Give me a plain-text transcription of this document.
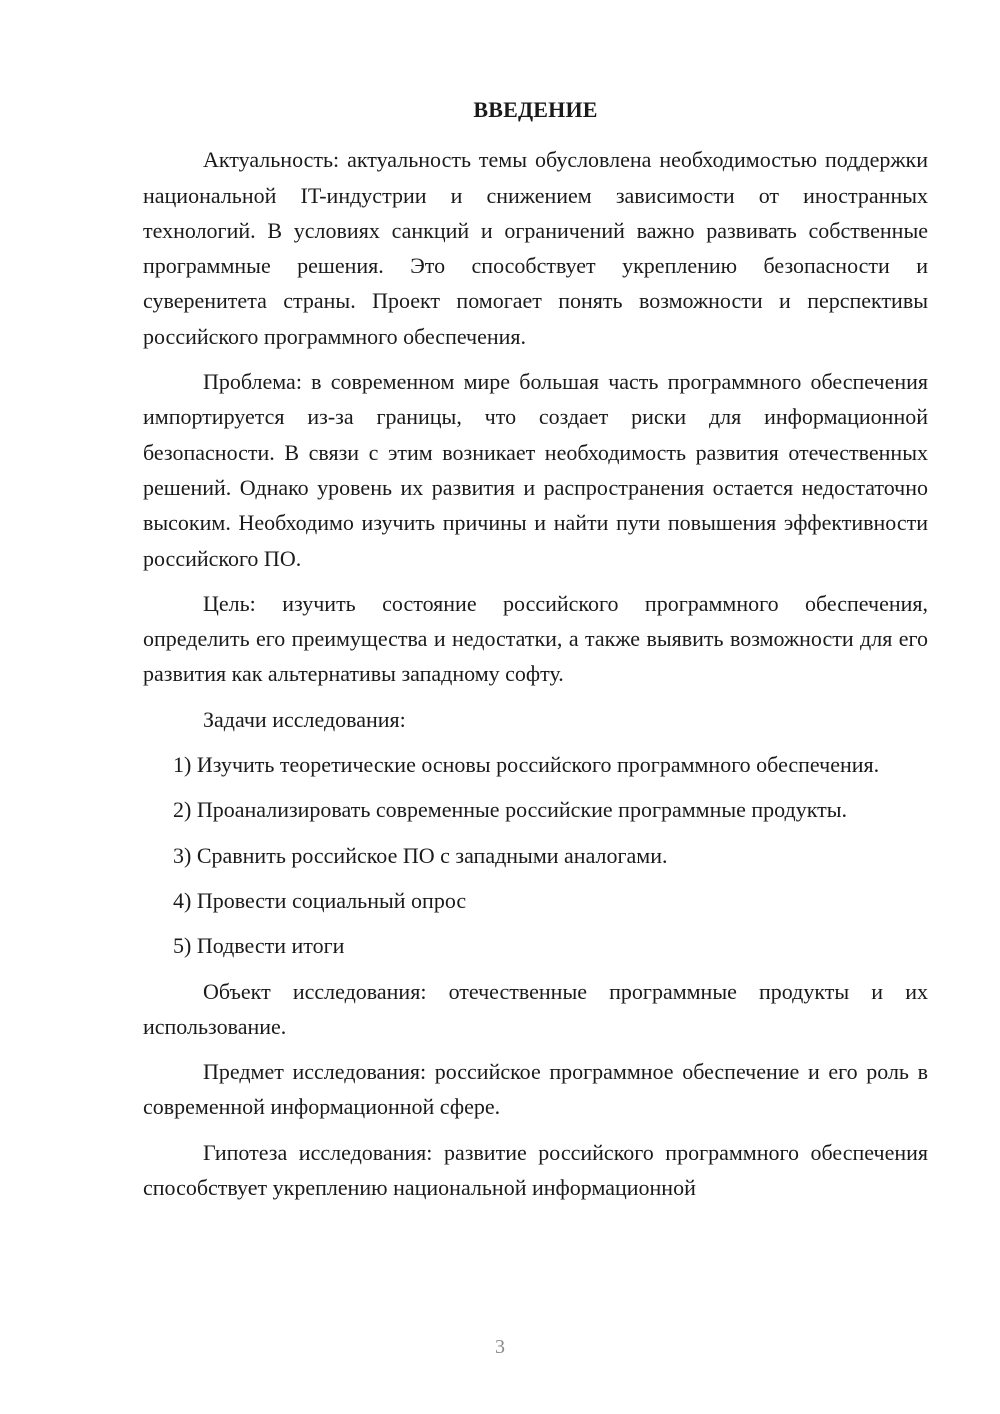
ВВЕДЕНИЕ

Актуальность: актуальность темы обусловлена необходимостью поддержки национальной IT-индустрии и снижением зависимости от иностранных технологий. В условиях санкций и ограничений важно развивать собственные программные решения. Это способствует укреплению безопасности и суверенитета страны. Проект помогает понять возможности и перспективы российского программного обеспечения.

Проблема: в современном мире большая часть программного обеспечения импортируется из-за границы, что создает риски для информационной безопасности. В связи с этим возникает необходимость развития отечественных решений. Однако уровень их развития и распространения остается недостаточно высоким. Необходимо изучить причины и найти пути повышения эффективности российского ПО.

Цель: изучить состояние российского программного обеспечения, определить его преимущества и недостатки, а также выявить возможности для его развития как альтернативы западному софту.

Задачи исследования:

1) Изучить теоретические основы российского программного обеспечения.

2) Проанализировать современные российские программные продукты.

3) Сравнить российское ПО с западными аналогами.

4) Провести социальный опрос

5) Подвести итоги

Объект исследования: отечественные программные продукты и их использование.

Предмет исследования: российское программное обеспечение и его роль в современной информационной сфере.

Гипотеза исследования: развитие российского программного обеспечения способствует укреплению национальной информационной

3
